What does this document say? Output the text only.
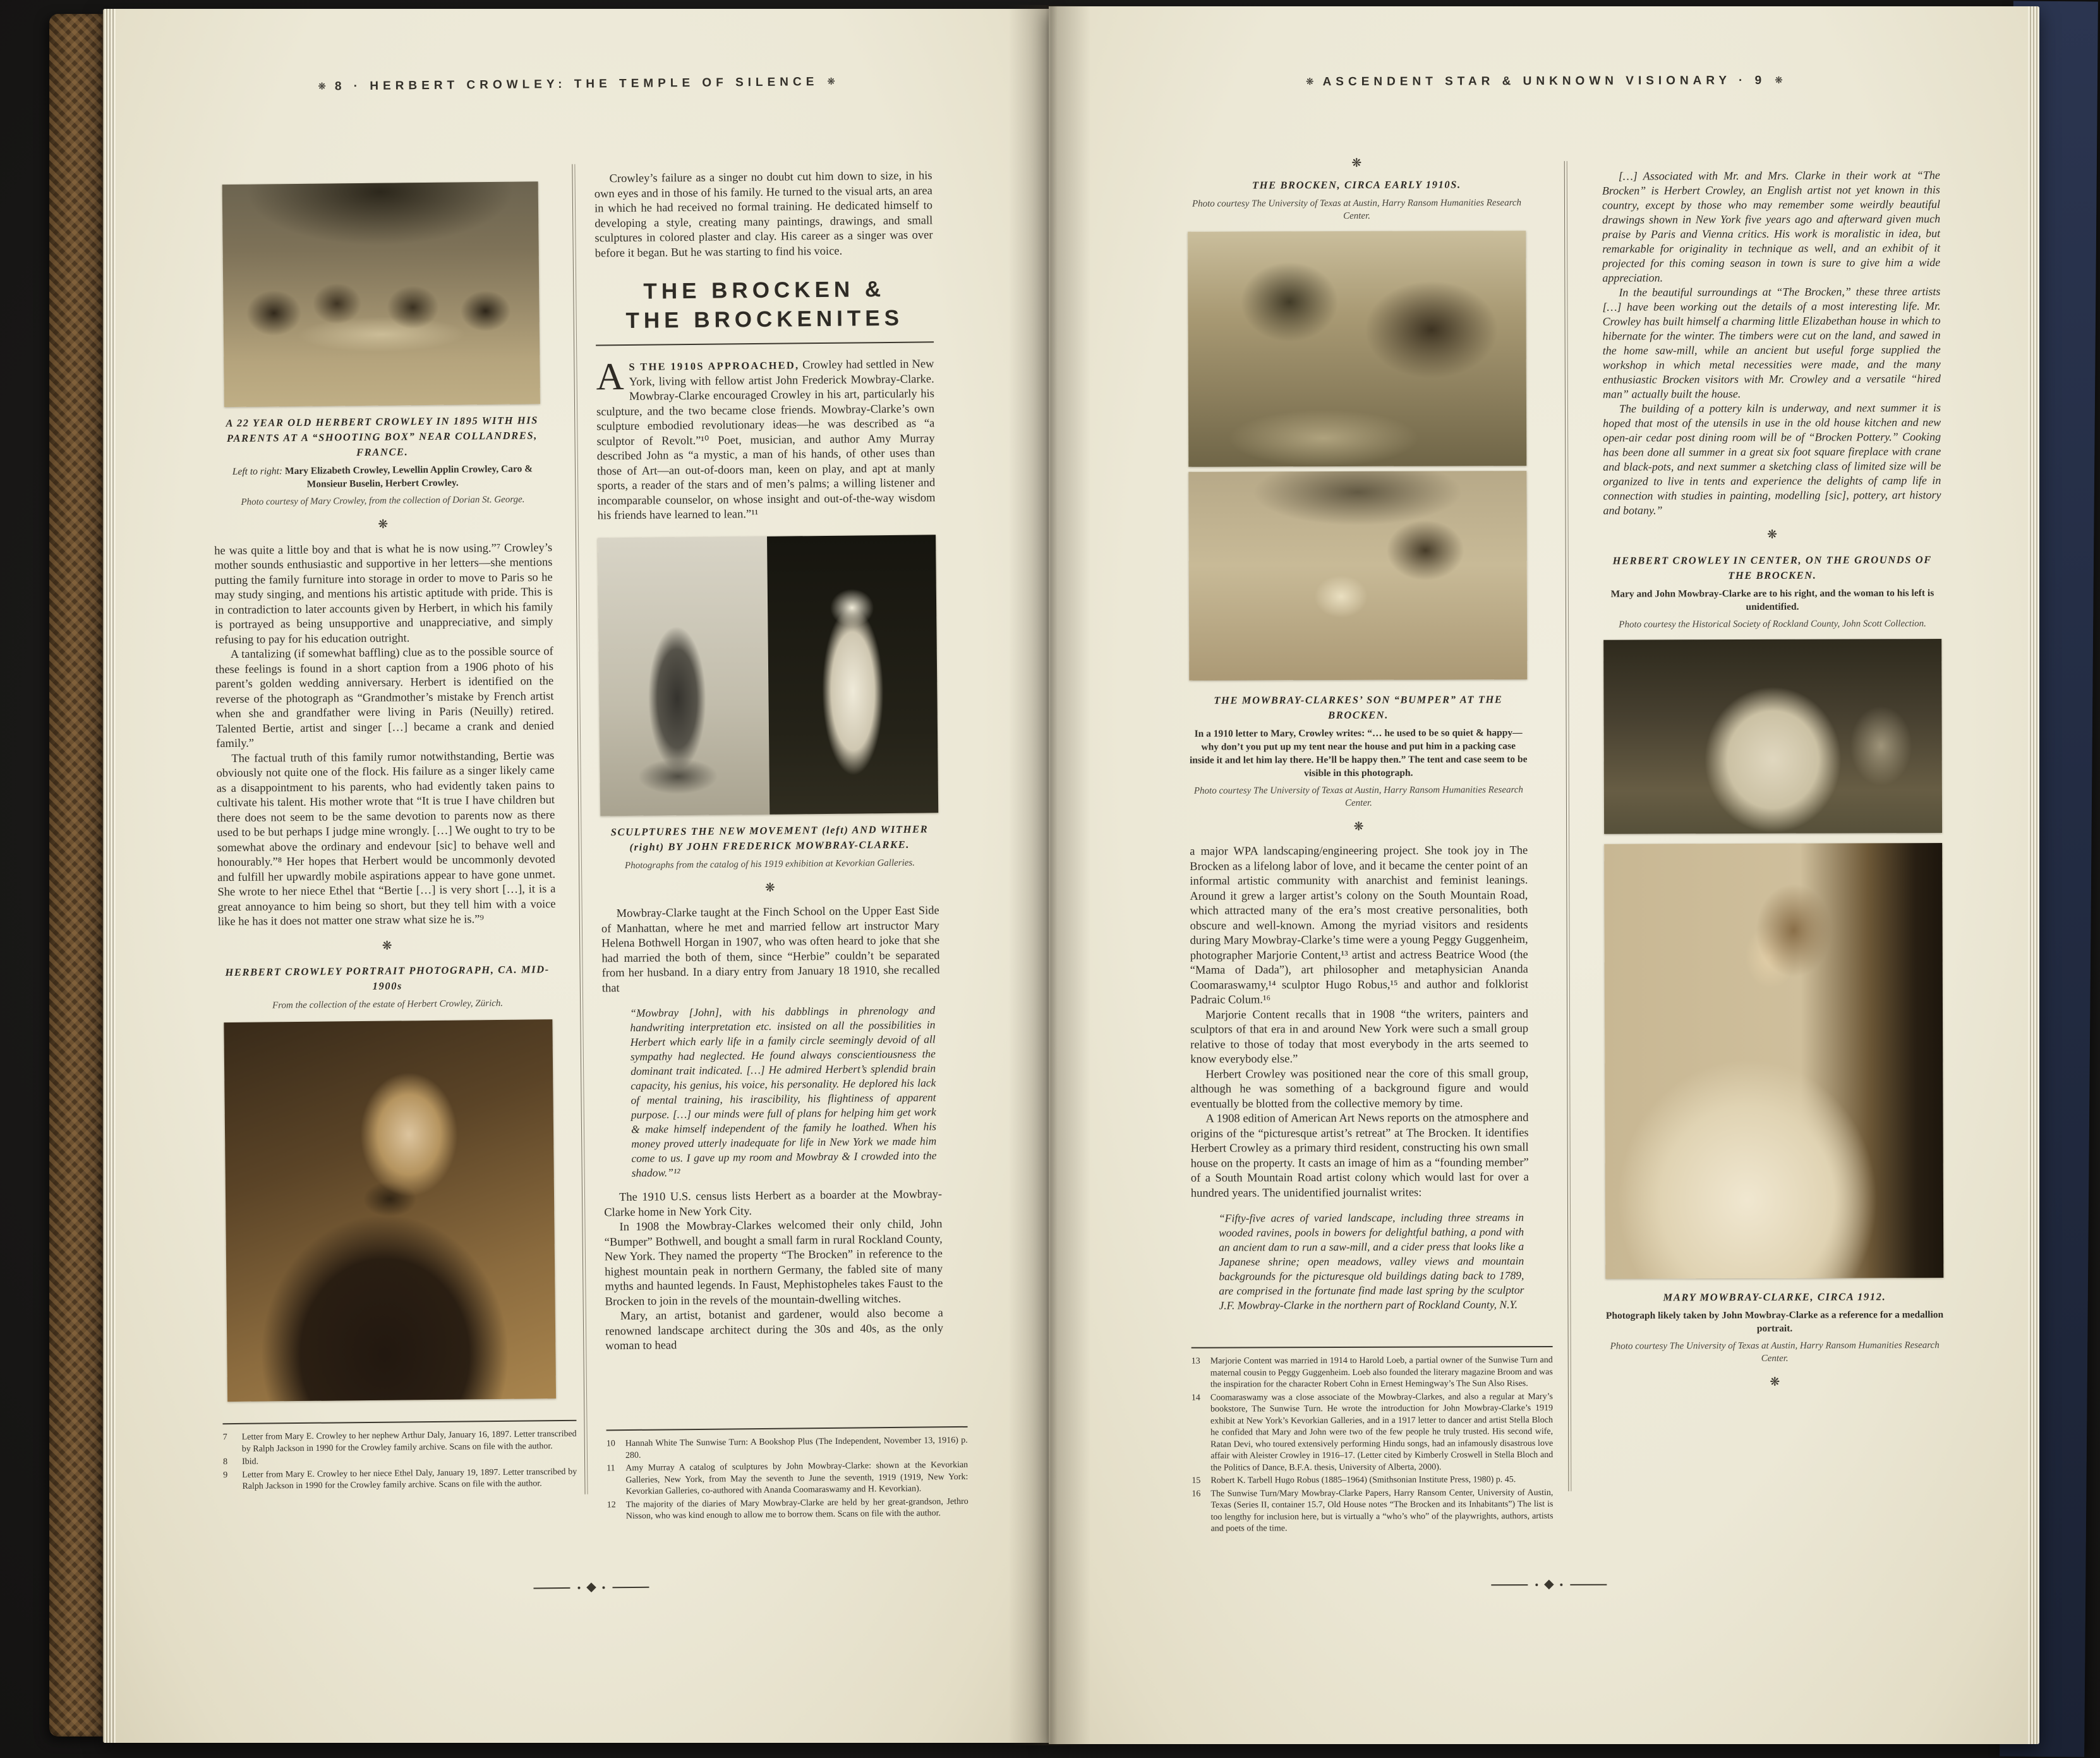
❋ 8 · HERBERT CROWLEY: THE TEMPLE OF SILENCE ❋
A 22 YEAR OLD HERBERT CROWLEY IN 1895 WITH HIS PARENTS AT A “SHOOTING BOX” NEAR COLLANDRES, FRANCE.
Left to right: Mary Elizabeth Crowley, Lewellin Applin Crowley, Caro & Monsieur Buselin, Herbert Crowley.
Photo courtesy of Mary Crowley, from the collection of Dorian St. George.
❋

he was quite a little boy and that is what he is now using.”⁷ Crowley’s mother sounds enthusiastic and supportive in her letters—she mentions putting the family furniture into storage in order to move to Paris so he may study singing, and mentions his artistic aptitude with pride. This is in contradiction to later accounts given by Herbert, in which his family is portrayed as being unsupportive and unappreciative, and simply refusing to pay for his education outright.

A tantalizing (if somewhat baffling) clue as to the possible source of these feelings is found in a short caption from a 1906 photo of his parent’s golden wedding anniversary. Herbert is identified on the reverse of the photograph as “Grandmother’s mistake by French artist when she and grandfather were living in Paris (Neuilly) retired. Talented Bertie, artist and singer […] became a crank and denied family.”

The factual truth of this family rumor notwithstanding, Bertie was obviously not quite one of the flock. His failure as a singer likely came as a disappointment to his parents, who had evidently taken pains to cultivate his talent. His mother wrote that “It is true I have children but there does not seem to be the same devotion to parents now as there used to be but perhaps I judge mine wrongly. […] We ought to try to be somewhat above the ordinary and endevour [sic] to behave well and honourably.”⁸ Her hopes that Herbert would be uncommonly devoted and fulfill her upwardly mobile aspirations appear to have gone unmet. She wrote to her niece Ethel that “Bertie […] is very short […], it is a great annoyance to him being so short, but they tell him with a voice like he has it does not matter one straw what size he is.”⁹

❋
HERBERT CROWLEY PORTRAIT PHOTOGRAPH, CA. MID-1900s
From the collection of the estate of Herbert Crowley, Zürich.
7	Letter from Mary E. Crowley to her nephew Arthur Daly, January 16, 1897. Letter transcribed by Ralph Jackson in 1990 for the Crowley family archive. Scans on file with the author.
8	Ibid.
9	Letter from Mary E. Crowley to her niece Ethel Daly, January 19, 1897. Letter transcribed by Ralph Jackson in 1990 for the Crowley family archive. Scans on file with the author.

Crowley’s failure as a singer no doubt cut him down to size, in his own eyes and in those of his family. He turned to the visual arts, an area in which he had received no formal training. He dedicated himself to developing a style, creating many paintings, drawings, and small sculptures in colored plaster and clay. His career as a singer was over before it began. But he was starting to find his voice.

THE BROCKEN &
THE BROCKENITES

A S THE 1910S APPROACHED, Crowley had settled in New York, living with fellow artist John Frederick Mowbray-Clarke. Mowbray-Clarke encouraged Crowley in his art, particularly his sculpture, and the two became close friends. Mowbray-Clarke’s own sculpture embodied revolutionary ideas—he was described as “a sculptor of Revolt.”¹⁰ Poet, musician, and author Amy Murray described John as “a mystic, a man of his hands, of other uses than those of Art—an out-of-doors man, keen on play, and apt at manly sports, a reader of the stars and of men’s palms; a willing listener and incomparable counselor, on whose insight and out-of-the-way wisdom his friends have learned to lean.”¹¹

SCULPTURES THE NEW MOVEMENT (left) AND WITHER (right) BY JOHN FREDERICK MOWBRAY-CLARKE.
Photographs from the catalog of his 1919 exhibition at Kevorkian Galleries.
❋

Mowbray-Clarke taught at the Finch School on the Upper East Side of Manhattan, where he met and married fellow art instructor Mary Helena Bothwell Horgan in 1907, who was often heard to joke that she had married the both of them, since “Herbie” couldn’t be separated from her husband. In a diary entry from January 18 1910, she recalled that

“Mowbray [John], with his dabblings in phrenology and handwriting interpretation etc. insisted on all the possibilities in Herbert which early life in a family circle seemingly devoid of all sympathy had neglected. He found always conscientiousness the dominant trait indicated. […] He admired Herbert’s splendid brain capacity, his genius, his voice, his personality. He deplored his lack of mental training, his irascibility, his flightiness of apparent purpose. […] our minds were full of plans for helping him get work & make himself independent of the family he loathed. When his money proved utterly inadequate for life in New York we made him come to us. I gave up my room and Mowbray & I crowded into the shadow.”¹²

The 1910 U.S. census lists Herbert as a boarder at the Mowbray-Clarke home in New York City.

In 1908 the Mowbray-Clarkes welcomed their only child, John “Bumper” Bothwell, and bought a small farm in rural Rockland County, New York. They named the property “The Brocken” in reference to the highest mountain peak in northern Germany, the fabled site of many myths and haunted legends. In Faust, Mephistopheles takes Faust to the Brocken to join in the revels of the mountain-dwelling witches.

Mary, an artist, botanist and gardener, would also become a renowned landscape architect during the 30s and 40s, as the only woman to head

10	Hannah White The Sunwise Turn: A Bookshop Plus (The Independent, November 13, 1916) p. 280.
11	Amy Murray A catalog of sculptures by John Mowbray-Clarke: shown at the Kevorkian Galleries, New York, from May the seventh to June the seventh, 1919 (1919, New York: Kevorkian Galleries, co-authored with Ananda Coomaraswamy and H. Kevorkian).
12	The majority of the diaries of Mary Mowbray-Clarke are held by her great-grandson, Jethro Nisson, who was kind enough to allow me to borrow them. Scans on file with the author.
❋ ASCENDENT STAR & UNKNOWN VISIONARY · 9 ❋
❋
THE BROCKEN, CIRCA EARLY 1910S.
Photo courtesy The University of Texas at Austin, Harry Ransom Humanities Research Center.
THE MOWBRAY-CLARKES’ SON “BUMPER” AT THE BROCKEN.
In a 1910 letter to Mary, Crowley writes: “… he used to be so quiet & happy—why don’t you put up my tent near the house and put him in a packing case inside it and let him lay there. He’ll be happy then.” The tent and case seem to be visible in this photograph.
Photo courtesy The University of Texas at Austin, Harry Ransom Humanities Research Center.
❋

a major WPA landscaping/engineering project. She took joy in The Brocken as a lifelong labor of love, and it became the center point of an informal artistic community with anarchist and feminist leanings. Around it grew a larger artist’s colony on the South Mountain Road, which attracted many of the era’s most creative personalities, both obscure and well-known. Among the myriad visitors and residents during Mary Mowbray-Clarke’s time were a young Peggy Guggenheim, photographer Marjorie Content,¹³ artist and actress Beatrice Wood (the “Mama of Dada”), art philosopher and metaphysician Ananda Coomaraswamy,¹⁴ sculptor Hugo Robus,¹⁵ and author and folklorist Padraic Colum.¹⁶

Marjorie Content recalls that in 1908 “the writers, painters and sculptors of that era in and around New York were such a small group relative to those of today that most everybody in the arts seemed to know everybody else.”

Herbert Crowley was positioned near the core of this small group, although he was something of a background figure and would eventually be blotted from the collective memory by time.

A 1908 edition of American Art News reports on the atmosphere and origins of the “picturesque artist’s retreat” at The Brocken. It identifies Herbert Crowley as a primary third resident, constructing his own small house on the property. It casts an image of him as a “founding member” of a South Mountain Road artist colony which would last for over a hundred years. The unidentified journalist writes:

“Fifty-five acres of varied landscape, including three streams in wooded ravines, pools in bowers for delightful bathing, a pond with an ancient dam to run a saw-mill, and a cider press that looks like a Japanese shrine; open meadows, valley views and mountain backgrounds for the picturesque old buildings dating back to 1789, are comprised in the fortunate find made last spring by the sculptor J.F. Mowbray-Clarke in the northern part of Rockland County, N.Y.
13	Marjorie Content was married in 1914 to Harold Loeb, a partial owner of the Sunwise Turn and maternal cousin to Peggy Guggenheim. Loeb also founded the literary magazine Broom and was the inspiration for the character Robert Cohn in Ernest Hemingway’s The Sun Also Rises.
14	Coomaraswamy was a close associate of the Mowbray-Clarkes, and also a regular at Mary’s bookstore, The Sunwise Turn. He wrote the introduction for John Mowbray-Clarke’s 1919 exhibit at New York’s Kevorkian Galleries, and in a 1917 letter to dancer and artist Stella Bloch he confided that Mary and John were two of the few people he truly trusted. His second wife, Ratan Devi, who toured extensively performing Hindu songs, had an infamously disastrous love affair with Aleister Crowley in 1916–17. (Letter cited by Kimberly Croswell in Stella Bloch and the Politics of Dance, B.F.A. thesis, University of Alberta, 2000).
15	Robert K. Tarbell Hugo Robus (1885–1964) (Smithsonian Institute Press, 1980) p. 45.
16	The Sunwise Turn/Mary Mowbray-Clarke Papers, Harry Ransom Center, University of Austin, Texas (Series II, container 15.7, Old House notes “The Brocken and its Inhabitants”) The list is too lengthy for inclusion here, but is virtually a “who’s who” of the playwrights, authors, artists and poets of the time.

[…] Associated with Mr. and Mrs. Clarke in their work at “The Brocken” is Herbert Crowley, an English artist not yet known in this country, except by those who may remember some weirdly beautiful drawings shown in New York five years ago and afterward given much praise by Paris and Vienna critics. His work is moralistic in idea, but remarkable for originality in technique as well, and an exhibit of it projected for this coming season in town is sure to give him a wide appreciation.

In the beautiful surroundings at “The Brocken,” these three artists […] have been working out the details of a most interesting life. Mr. Crowley has built himself a charming little Elizabethan house in which to hibernate for the winter. The timbers were cut on the land, and sawed in the home saw-mill, while an ancient but useful forge supplied the workshop in which metal necessities were made, and the many enthusiastic Brocken visitors with Mr. Crowley and a versatile “hired man” actually built the house.

The building of a pottery kiln is underway, and next summer it is hoped that most of the utensils in use in the old house kitchen and new open-air cedar post dining room will be of “Brocken Pottery.” Cooking has been done all summer in a great six foot square fireplace with crane and black-pots, and next summer a sketching class of limited size will be organized to live in tents and experience the delights of camp life in connection with studies in painting, modelling [sic], pottery, art history and botany.”

❋
HERBERT CROWLEY IN CENTER, ON THE GROUNDS OF THE BROCKEN.
Mary and John Mowbray-Clarke are to his right, and the woman to his left is unidentified.
Photo courtesy the Historical Society of Rockland County, John Scott Collection.
MARY MOWBRAY-CLARKE, CIRCA 1912.
Photograph likely taken by John Mowbray-Clarke as a reference for a medallion portrait.
Photo courtesy The University of Texas at Austin, Harry Ransom Humanities Research Center.
❋
